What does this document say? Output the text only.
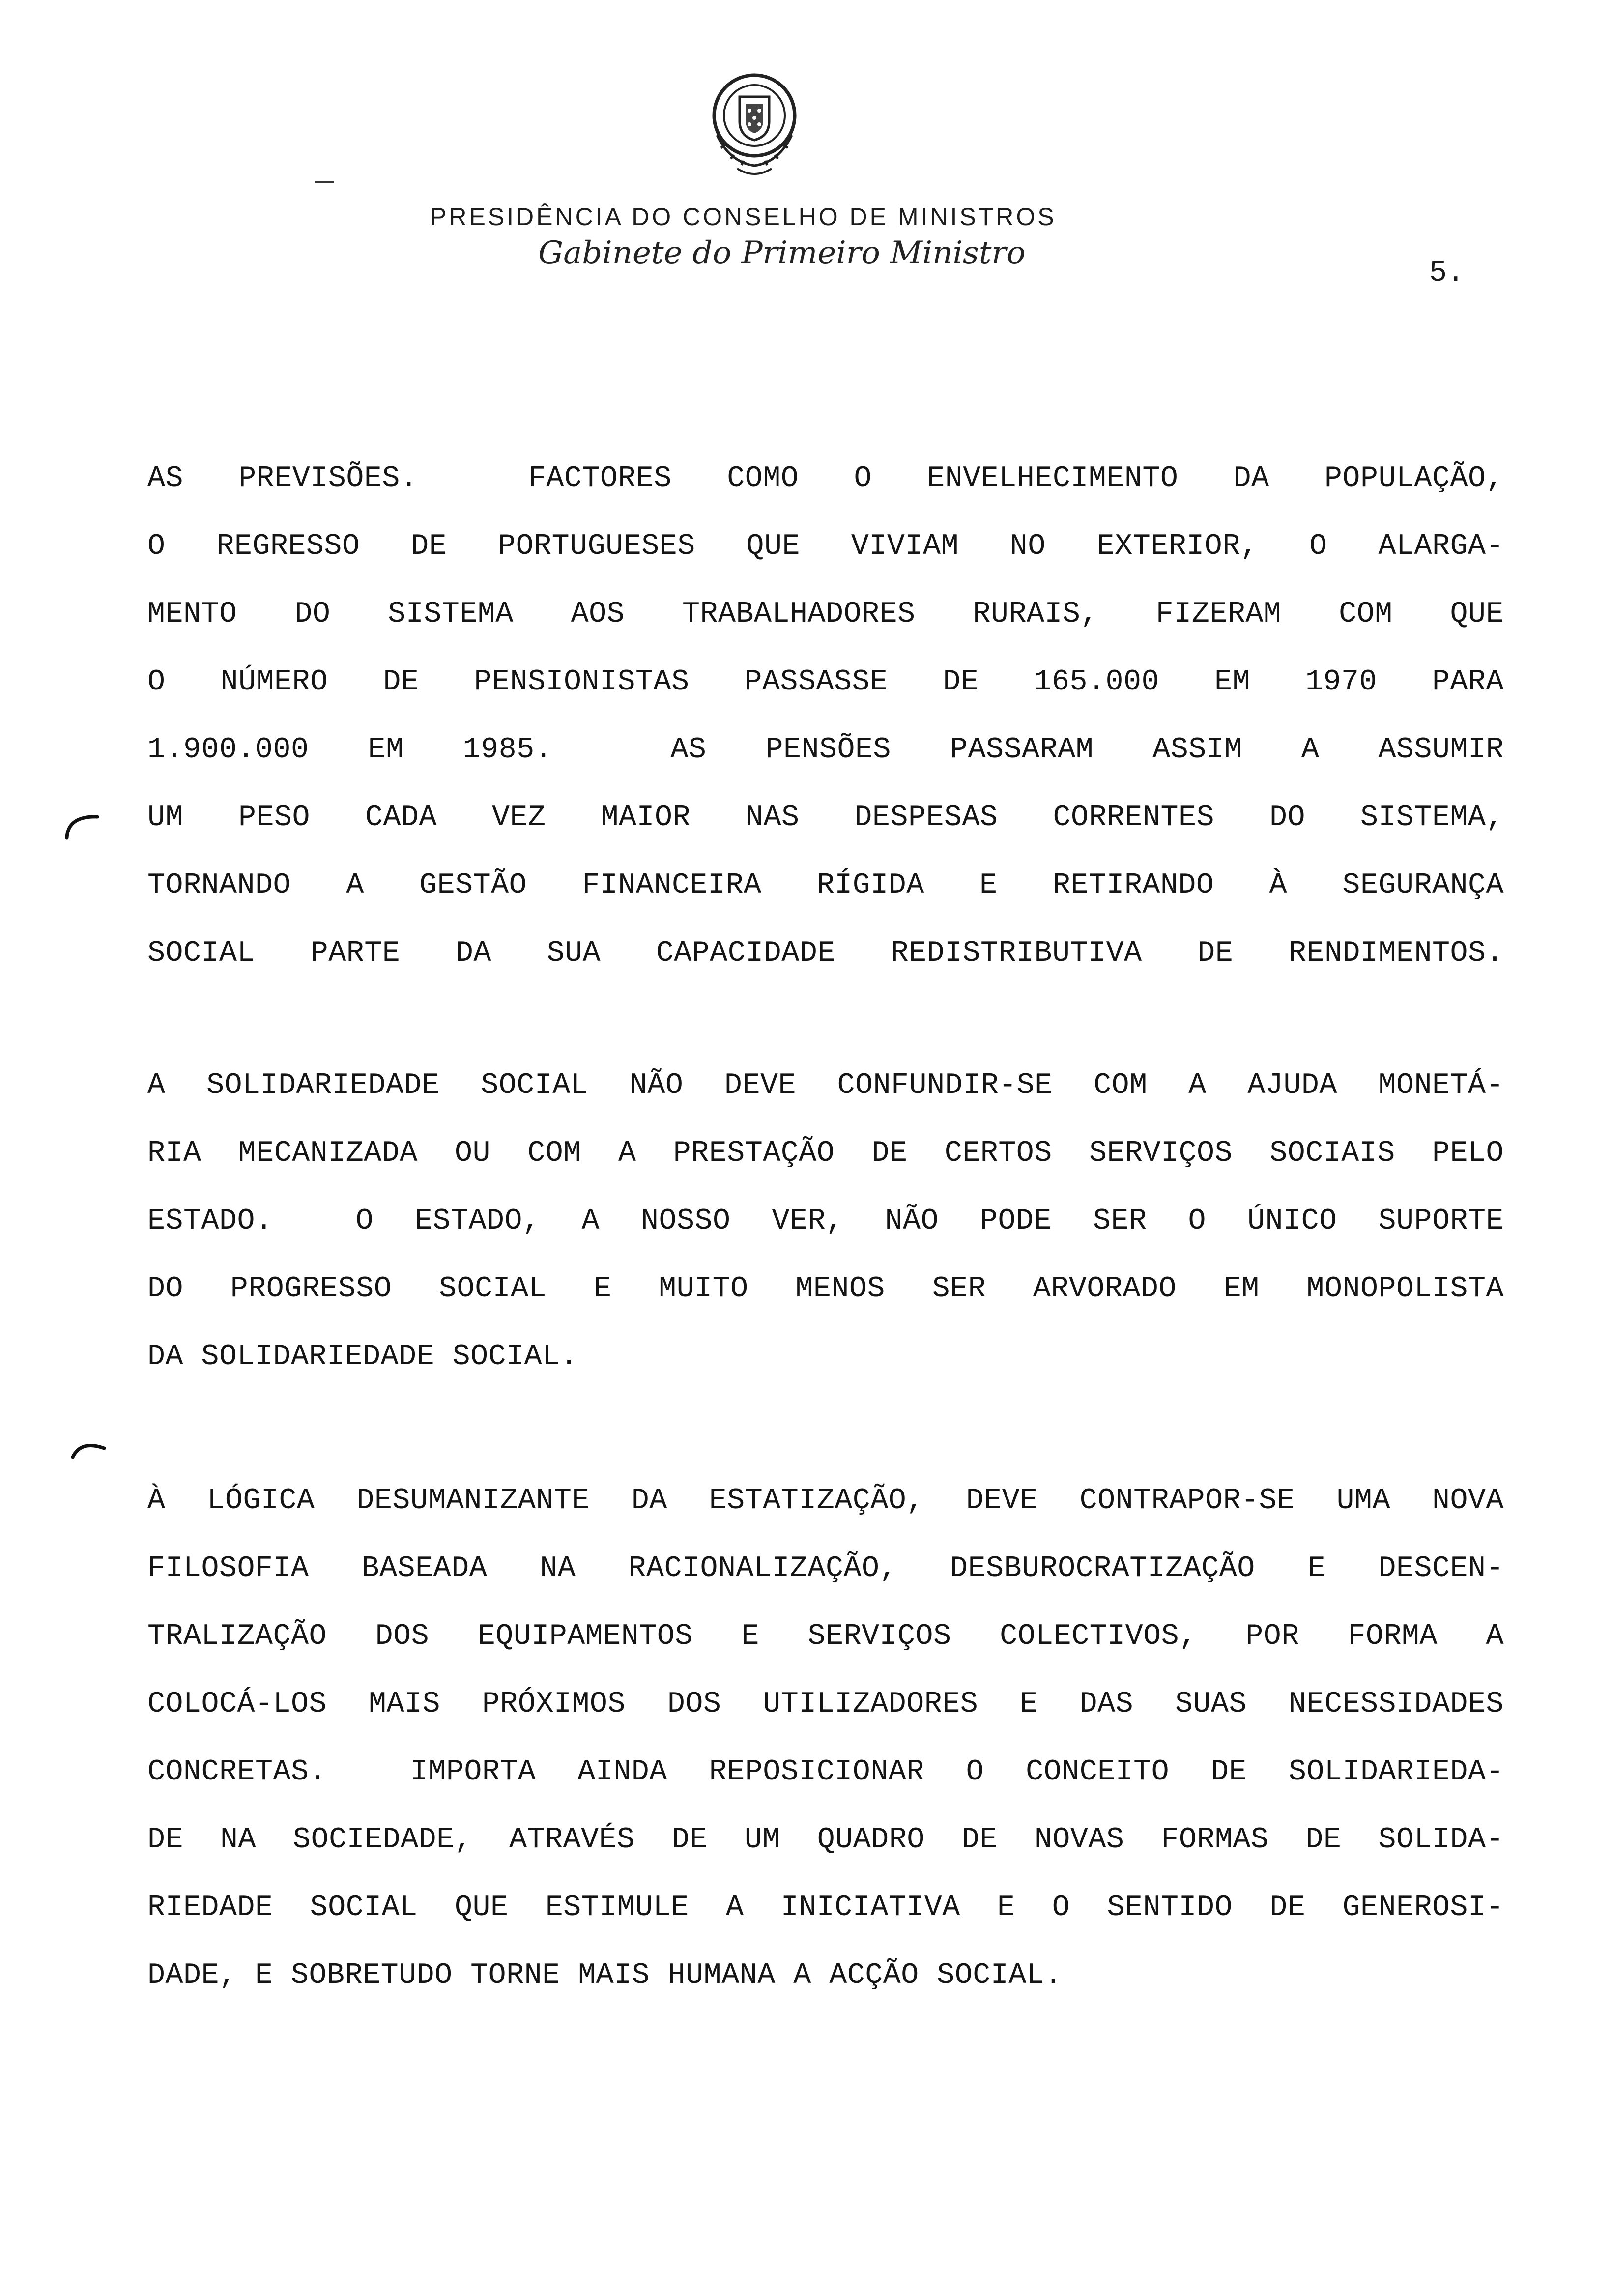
PRESIDÊNCIA DO CONSELHO DE MINISTROS
Gabinete do Primeiro Ministro
5.
AS PREVISÕES.  FACTORES COMO O ENVELHECIMENTO DA POPULAÇÃO,
O REGRESSO DE PORTUGUESES QUE VIVIAM NO EXTERIOR, O ALARGA-
MENTO DO SISTEMA AOS TRABALHADORES RURAIS, FIZERAM COM QUE
O NÚMERO DE PENSIONISTAS PASSASSE DE 165.000 EM 1970 PARA
1.900.000 EM 1985.  AS PENSÕES PASSARAM ASSIM A ASSUMIR
UM PESO CADA VEZ MAIOR NAS DESPESAS CORRENTES DO SISTEMA,
TORNANDO A GESTÃO FINANCEIRA RÍGIDA E RETIRANDO À SEGURANÇA
SOCIAL PARTE DA SUA CAPACIDADE REDISTRIBUTIVA DE RENDIMENTOS.
A SOLIDARIEDADE SOCIAL NÃO DEVE CONFUNDIR-SE COM A AJUDA MONETÁ-
RIA MECANIZADA OU COM A PRESTAÇÃO DE CERTOS SERVIÇOS SOCIAIS PELO
ESTADO.  O ESTADO, A NOSSO VER, NÃO PODE SER O ÚNICO SUPORTE
DO PROGRESSO SOCIAL E MUITO MENOS SER ARVORADO EM MONOPOLISTA
DA SOLIDARIEDADE SOCIAL.
À LÓGICA DESUMANIZANTE DA ESTATIZAÇÃO, DEVE CONTRAPOR-SE UMA NOVA
FILOSOFIA BASEADA NA RACIONALIZAÇÃO, DESBUROCRATIZAÇÃO E DESCEN-
TRALIZAÇÃO DOS EQUIPAMENTOS E SERVIÇOS COLECTIVOS, POR FORMA A
COLOCÁ-LOS MAIS PRÓXIMOS DOS UTILIZADORES E DAS SUAS NECESSIDADES
CONCRETAS.  IMPORTA AINDA REPOSICIONAR O CONCEITO DE SOLIDARIEDA-
DE NA SOCIEDADE, ATRAVÉS DE UM QUADRO DE NOVAS FORMAS DE SOLIDA-
RIEDADE SOCIAL QUE ESTIMULE A INICIATIVA E O SENTIDO DE GENEROSI-
DADE, E SOBRETUDO TORNE MAIS HUMANA A ACÇÃO SOCIAL.
